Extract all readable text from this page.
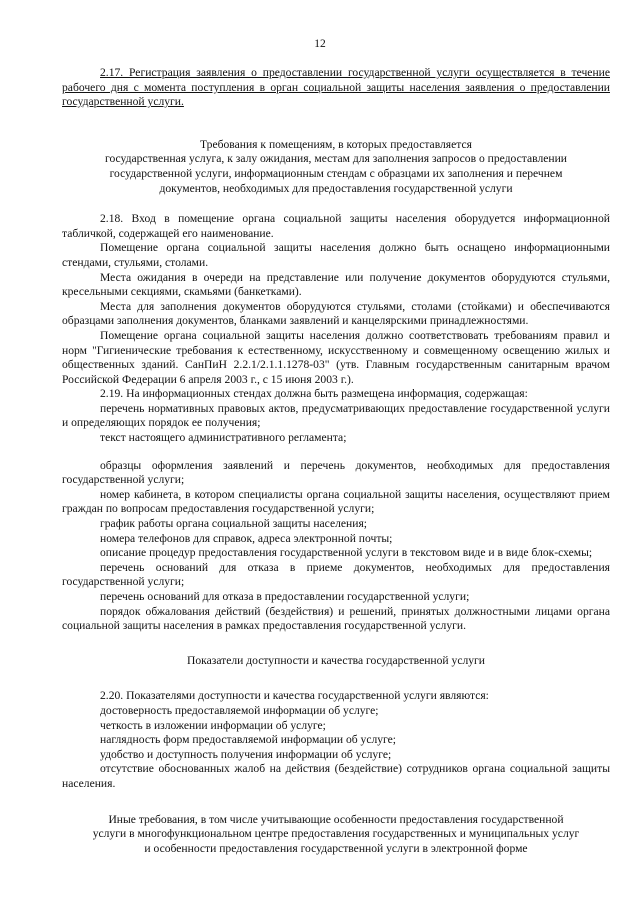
12

2.17. Регистрация заявления о предоставлении государственной услуги осуществляется в течение рабочего дня с момента поступления в орган социальной защиты населения заявления о предоставлении государственной услуги.

Требования к помещениям, в которых предоставляется

государственная услуга, к залу ожидания, местам для заполнения запросов о предоставлении

государственной услуги, информационным стендам с образцами их заполнения и перечнем

документов, необходимых для предоставления государственной услуги

2.18. Вход в помещение органа социальной защиты населения оборудуется информационной табличкой, содержащей его наименование.

Помещение органа социальной защиты населения должно быть оснащено информационными стендами, стульями, столами.

Места ожидания в очереди на представление или получение документов оборудуются стульями, кресельными секциями, скамьями (банкетками).

Места для заполнения документов оборудуются стульями, столами (стойками) и обеспечиваются образцами заполнения документов, бланками заявлений и канцелярскими принадлежностями.

Помещение органа социальной защиты населения должно соответствовать требованиям правил и норм "Гигиенические требования к естественному, искусственному и совмещенному освещению жилых и общественных зданий. СанПиН 2.2.1/2.1.1.1278-03" (утв. Главным государственным санитарным врачом Российской Федерации 6 апреля 2003 г., с 15 июня 2003 г.).

2.19. На информационных стендах должна быть размещена информация, содержащая:

перечень нормативных правовых актов, предусматривающих предоставление государственной услуги и определяющих порядок ее получения;

текст настоящего административного регламента;

образцы оформления заявлений и перечень документов, необходимых для предоставления государственной услуги;

номер кабинета, в котором специалисты органа социальной защиты населения, осуществляют прием граждан по вопросам предоставления государственной услуги;

график работы органа социальной защиты населения;

номера телефонов для справок, адреса электронной почты;

описание процедур предоставления государственной услуги в текстовом виде и в виде блок-схемы;

перечень оснований для отказа в приеме документов, необходимых для предоставления государственной услуги;

перечень оснований для отказа в предоставлении государственной услуги;

порядок обжалования действий (бездействия) и решений, принятых должностными лицами органа социальной защиты населения в рамках предоставления государственной услуги.

Показатели доступности и качества государственной услуги

2.20. Показателями доступности и качества государственной услуги являются:

достоверность предоставляемой информации об услуге;

четкость в изложении информации об услуге;

наглядность форм предоставляемой информации об услуге;

удобство и доступность получения информации об услуге;

отсутствие обоснованных жалоб на действия (бездействие) сотрудников органа социальной защиты населения.

Иные требования, в том числе учитывающие особенности предоставления государственной

услуги в многофункциональном центре предоставления государственных и муниципальных услуг

и особенности предоставления государственной услуги в электронной форме
